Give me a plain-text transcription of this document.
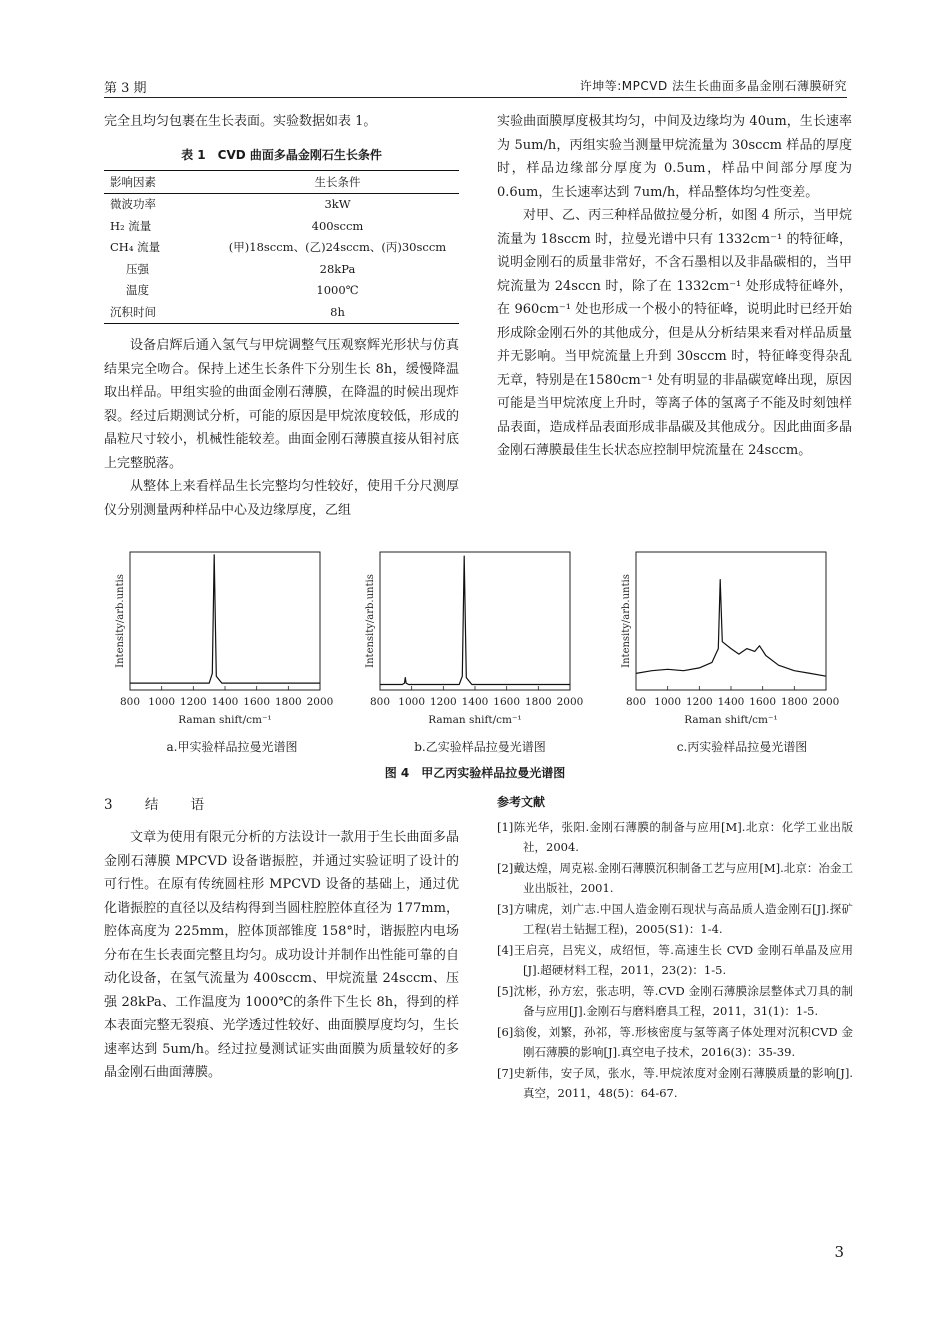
第 3 期	许坤等:MPCVD 法生长曲面多晶金刚石薄膜研究

完全且均匀包裹在生长表面。实验数据如表 1。

表 1　CVD 曲面多晶金刚石生长条件
影响因素	生长条件
微波功率	3kW
H₂ 流量	400sccm
CH₄ 流量	(甲)18sccm、(乙)24sccm、(丙)30sccm
压强	28kPa
温度	1000℃
沉积时间	8h

设备启辉后通入氢气与甲烷调整气压观察辉光形状与仿真结果完全吻合。保持上述生长条件下分别生长 8h，缓慢降温取出样品。甲组实验的曲面金刚石薄膜，在降温的时候出现炸裂。经过后期测试分析，可能的原因是甲烷浓度较低，形成的晶粒尺寸较小，机械性能较差。曲面金刚石薄膜直接从钼衬底上完整脱落。

从整体上来看样品生长完整均匀性较好，使用千分尺测厚仪分别测量两种样品中心及边缘厚度，乙组

实验曲面膜厚度极其均匀，中间及边缘均为 40um，生长速率为 5um/h，丙组实验当测量甲烷流量为 30sccm 样品的厚度时，样品边缘部分厚度为 0.5um，样品中间部分厚度为 0.6um，生长速率达到 7um/h，样品整体均匀性变差。

对甲、乙、丙三种样品做拉曼分析，如图 4 所示，当甲烷流量为 18sccm 时，拉曼光谱中只有 1332cm⁻¹ 的特征峰，说明金刚石的质量非常好，不含石墨相以及非晶碳相的，当甲烷流量为 24sccn 时，除了在 1332cm⁻¹ 处形成特征峰外，在 960cm⁻¹ 处也形成一个极小的特征峰，说明此时已经开始形成除金刚石外的其他成分，但是从分析结果来看对样品质量并无影响。当甲烷流量上升到 30sccm 时，特征峰变得杂乱无章，特别是在1580cm⁻¹ 处有明显的非晶碳宽峰出现，原因可能是当甲烷浓度上升时，等离子体的氢离子不能及时刻蚀样品表面，造成样品表面形成非晶碳及其他成分。因此曲面多晶金刚石薄膜最佳生长状态应控制甲烷流量在 24sccm。

800 1000 1200 1400 1600 1800 2000
Raman shift/cm⁻¹
Intensity/arb.untis
800 1000 1200 1400 1600 1800 2000
Raman shift/cm⁻¹
Intensity/arb.untis
800 1000 1200 1400 1600 1800 2000
Raman shift/cm⁻¹
Intensity/arb.untis
a.甲实验样品拉曼光谱图	b.乙实验样品拉曼光谱图	c.丙实验样品拉曼光谱图
图 4　甲乙丙实验样品拉曼光谱图
3 结 语

文章为使用有限元分析的方法设计一款用于生长曲面多晶金刚石薄膜 MPCVD 设备谐振腔，并通过实验证明了设计的可行性。在原有传统圆柱形 MPCVD 设备的基础上，通过优化谐振腔的直径以及结构得到当圆柱腔腔体直径为 177mm，腔体高度为 225mm，腔体顶部锥度 158°时，谐振腔内电场分布在生长表面完整且均匀。成功设计并制作出性能可靠的自动化设备，在氢气流量为 400sccm、甲烷流量 24sccm、压强 28kPa、工作温度为 1000℃的条件下生长 8h，得到的样本表面完整无裂痕、光学透过性较好、曲面膜厚度均匀，生长速率达到 5um/h。经过拉曼测试证实曲面膜为质量较好的多晶金刚石曲面薄膜。

参考文献

[1]陈光华，张阳.金刚石薄膜的制备与应用[M].北京：化学工业出版社，2004.

[2]戴达煌，周克崧.金刚石薄膜沉积制备工艺与应用[M].北京：冶金工业出版社，2001.

[3]方啸虎，刘广志.中国人造金刚石现状与高品质人造金刚石[J].探矿工程(岩土钻掘工程)，2005(S1)：1-4.

[4]王启亮，吕宪义，成绍恒，等.高速生长 CVD 金刚石单晶及应用[J].超硬材料工程，2011，23(2)：1-5.

[5]沈彬，孙方宏，张志明，等.CVD 金刚石薄膜涂层整体式刀具的制备与应用[J].金刚石与磨料磨具工程，2011，31(1)：1-5.

[6]翁俊，刘繁，孙祁，等.形核密度与氢等离子体处理对沉积CVD 金刚石薄膜的影响[J].真空电子技术，2016(3)：35-39.

[7]史新伟，安子凤，张水，等.甲烷浓度对金刚石薄膜质量的影响[J].真空，2011，48(5)：64-67.

3
